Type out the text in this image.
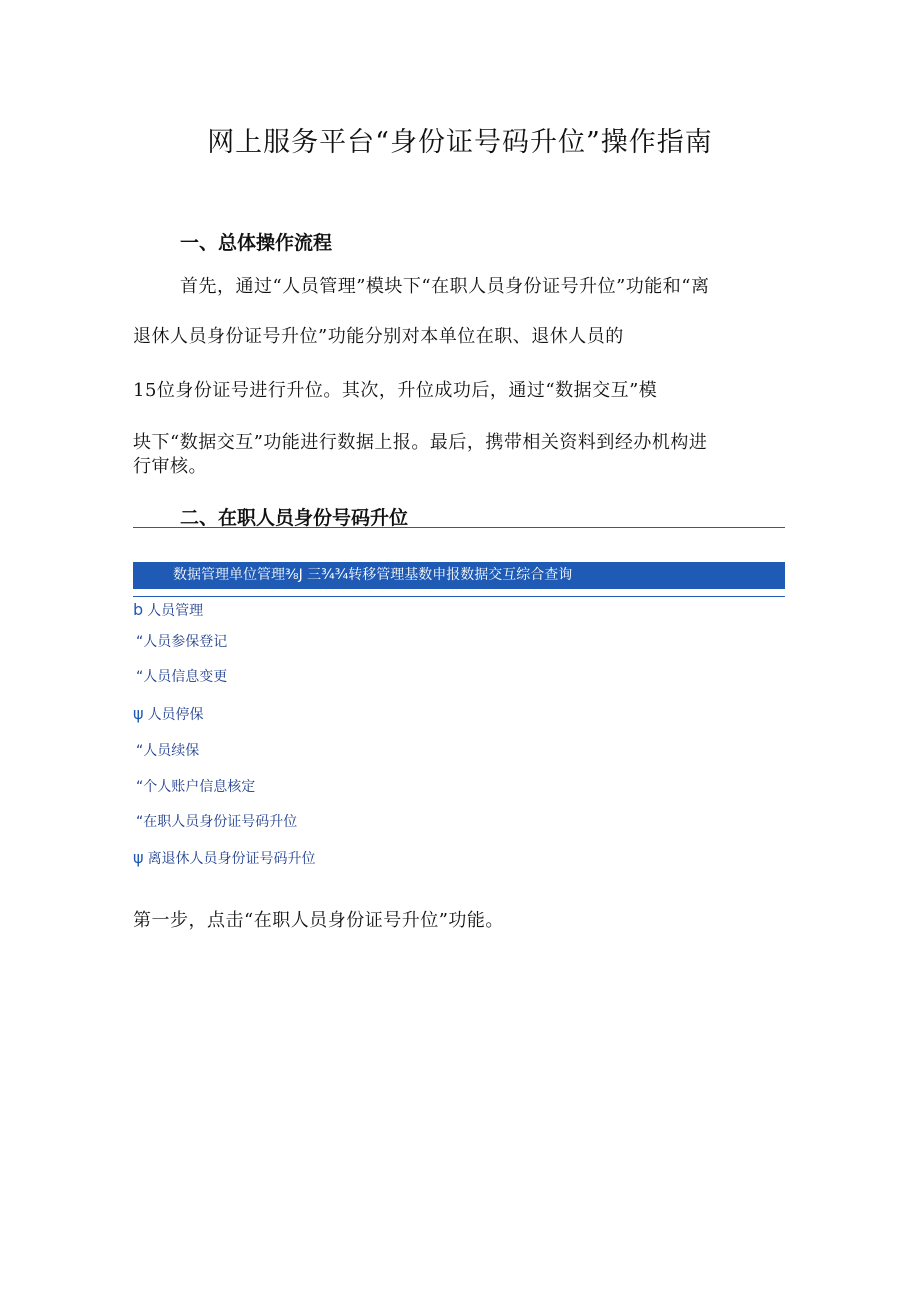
网上服务平台“身份证号码升位”操作指南
一、总体操作流程
首先，通过“人员管理”模块下“在职人员身份证号升位”功能和“离
退休人员身份证号升位”功能分别对本单位在职、退休人员的
15位身份证号进行升位。其次，升位成功后，通过“数据交互”模
块下“数据交互”功能进行数据上报。最后，携带相关资料到经办机构进
行审核。
二、在职人员身份号码升位
数据管理单位管理⅜J 三¾¾转移管理基数申报数据交互综合查询
b 人员管理
“人员参保登记
“人员信息变更
ψ 人员停保
“人员续保
“个人账户信息核定
“在职人员身份证号码升位
ψ 离退休人员身份证号码升位
第一步，点击“在职人员身份证号升位”功能。
